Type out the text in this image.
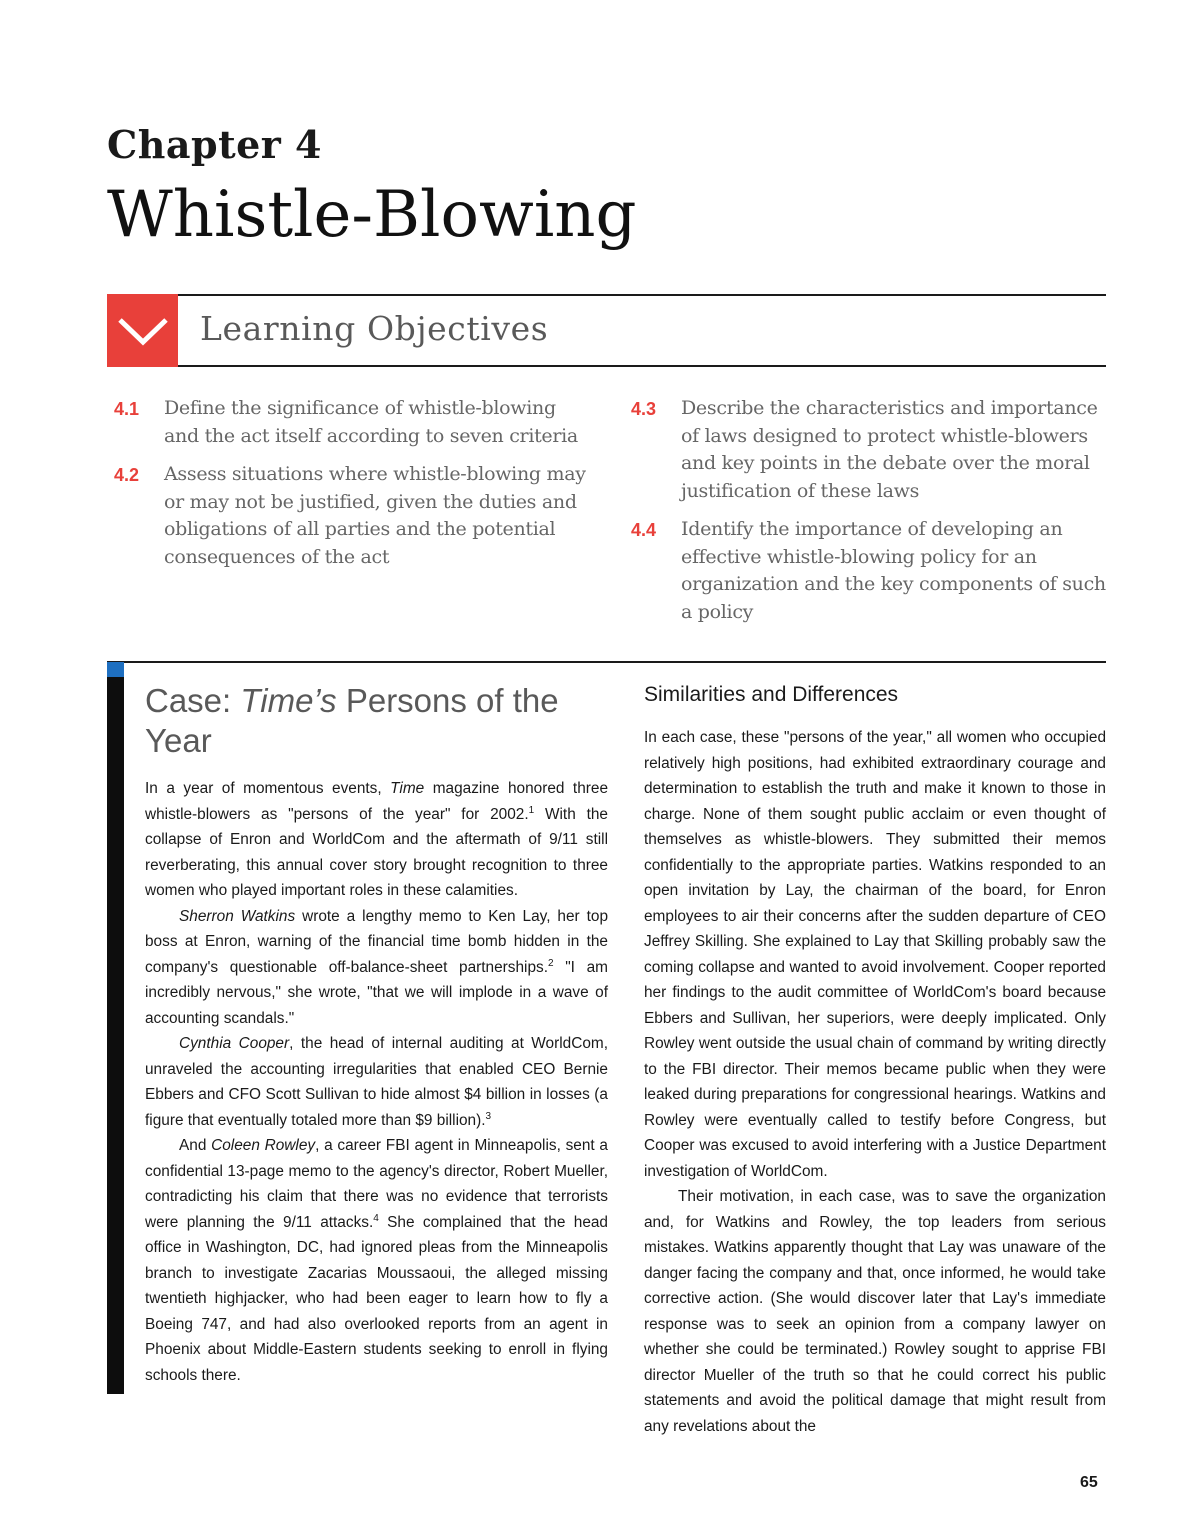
Chapter 4
Whistle-Blowing
Learning Objectives
4.1	Define the significance of whistle-blowing and the act itself according to seven criteria
4.2	Assess situations where whistle-blowing may or may not be justified, given the duties and obligations of all parties and the potential consequences of the act
4.3	Describe the characteristics and importance of laws designed to protect whistle-blowers and key points in the debate over the moral justification of these laws
4.4	Identify the importance of developing an effective whistle-blowing policy for an organization and the key components of such a policy
Case: Time’s Persons of the Year

In a year of momentous events, Time magazine honored three whistle-blowers as "persons of the year" for 2002.$^1$ With the collapse of Enron and WorldCom and the aftermath of 9/11 still reverberating, this annual cover story brought recognition to three women who played important roles in these calamities.

Sherron Watkins wrote a lengthy memo to Ken Lay, her top boss at Enron, warning of the financial time bomb hidden in the company's questionable off-balance-sheet partnerships.$^2$ "I am incredibly nervous," she wrote, "that we will implode in a wave of accounting scandals."

Cynthia Cooper, the head of internal auditing at WorldCom, unraveled the accounting irregularities that enabled CEO Bernie Ebbers and CFO Scott Sullivan to hide almost $4 billion in losses (a figure that eventually totaled more than $9 billion).$^3$

And Coleen Rowley, a career FBI agent in Minneapolis, sent a confidential 13-page memo to the agency's director, Robert Mueller, contradicting his claim that there was no evidence that terrorists were planning the 9/11 attacks.$^4$ She complained that the head office in Washington, DC, had ignored pleas from the Minneapolis branch to investigate Zacarias Moussaoui, the alleged missing twentieth highjacker, who had been eager to learn how to fly a Boeing 747, and had also overlooked reports from an agent in Phoenix about Middle-Eastern students seeking to enroll in flying schools there.

Similarities and Differences

In each case, these "persons of the year," all women who occupied relatively high positions, had exhibited extraordinary courage and determination to establish the truth and make it known to those in charge. None of them sought public acclaim or even thought of themselves as whistle-blowers. They submitted their memos confidentially to the appropriate parties. Watkins responded to an open invitation by Lay, the chairman of the board, for Enron employees to air their concerns after the sudden departure of CEO Jeffrey Skilling. She explained to Lay that Skilling probably saw the coming collapse and wanted to avoid involvement. Cooper reported her findings to the audit committee of WorldCom's board because Ebbers and Sullivan, her superiors, were deeply implicated. Only Rowley went outside the usual chain of command by writing directly to the FBI director. Their memos became public when they were leaked during preparations for congressional hearings. Watkins and Rowley were eventually called to testify before Congress, but Cooper was excused to avoid interfering with a Justice Department investigation of WorldCom.

Their motivation, in each case, was to save the organization and, for Watkins and Rowley, the top leaders from serious mistakes. Watkins apparently thought that Lay was unaware of the danger facing the company and that, once informed, he would take corrective action. (She would discover later that Lay's immediate response was to seek an opinion from a company lawyer on whether she could be terminated.) Rowley sought to apprise FBI director Mueller of the truth so that he could correct his public statements and avoid the political damage that might result from any revelations about the

65
